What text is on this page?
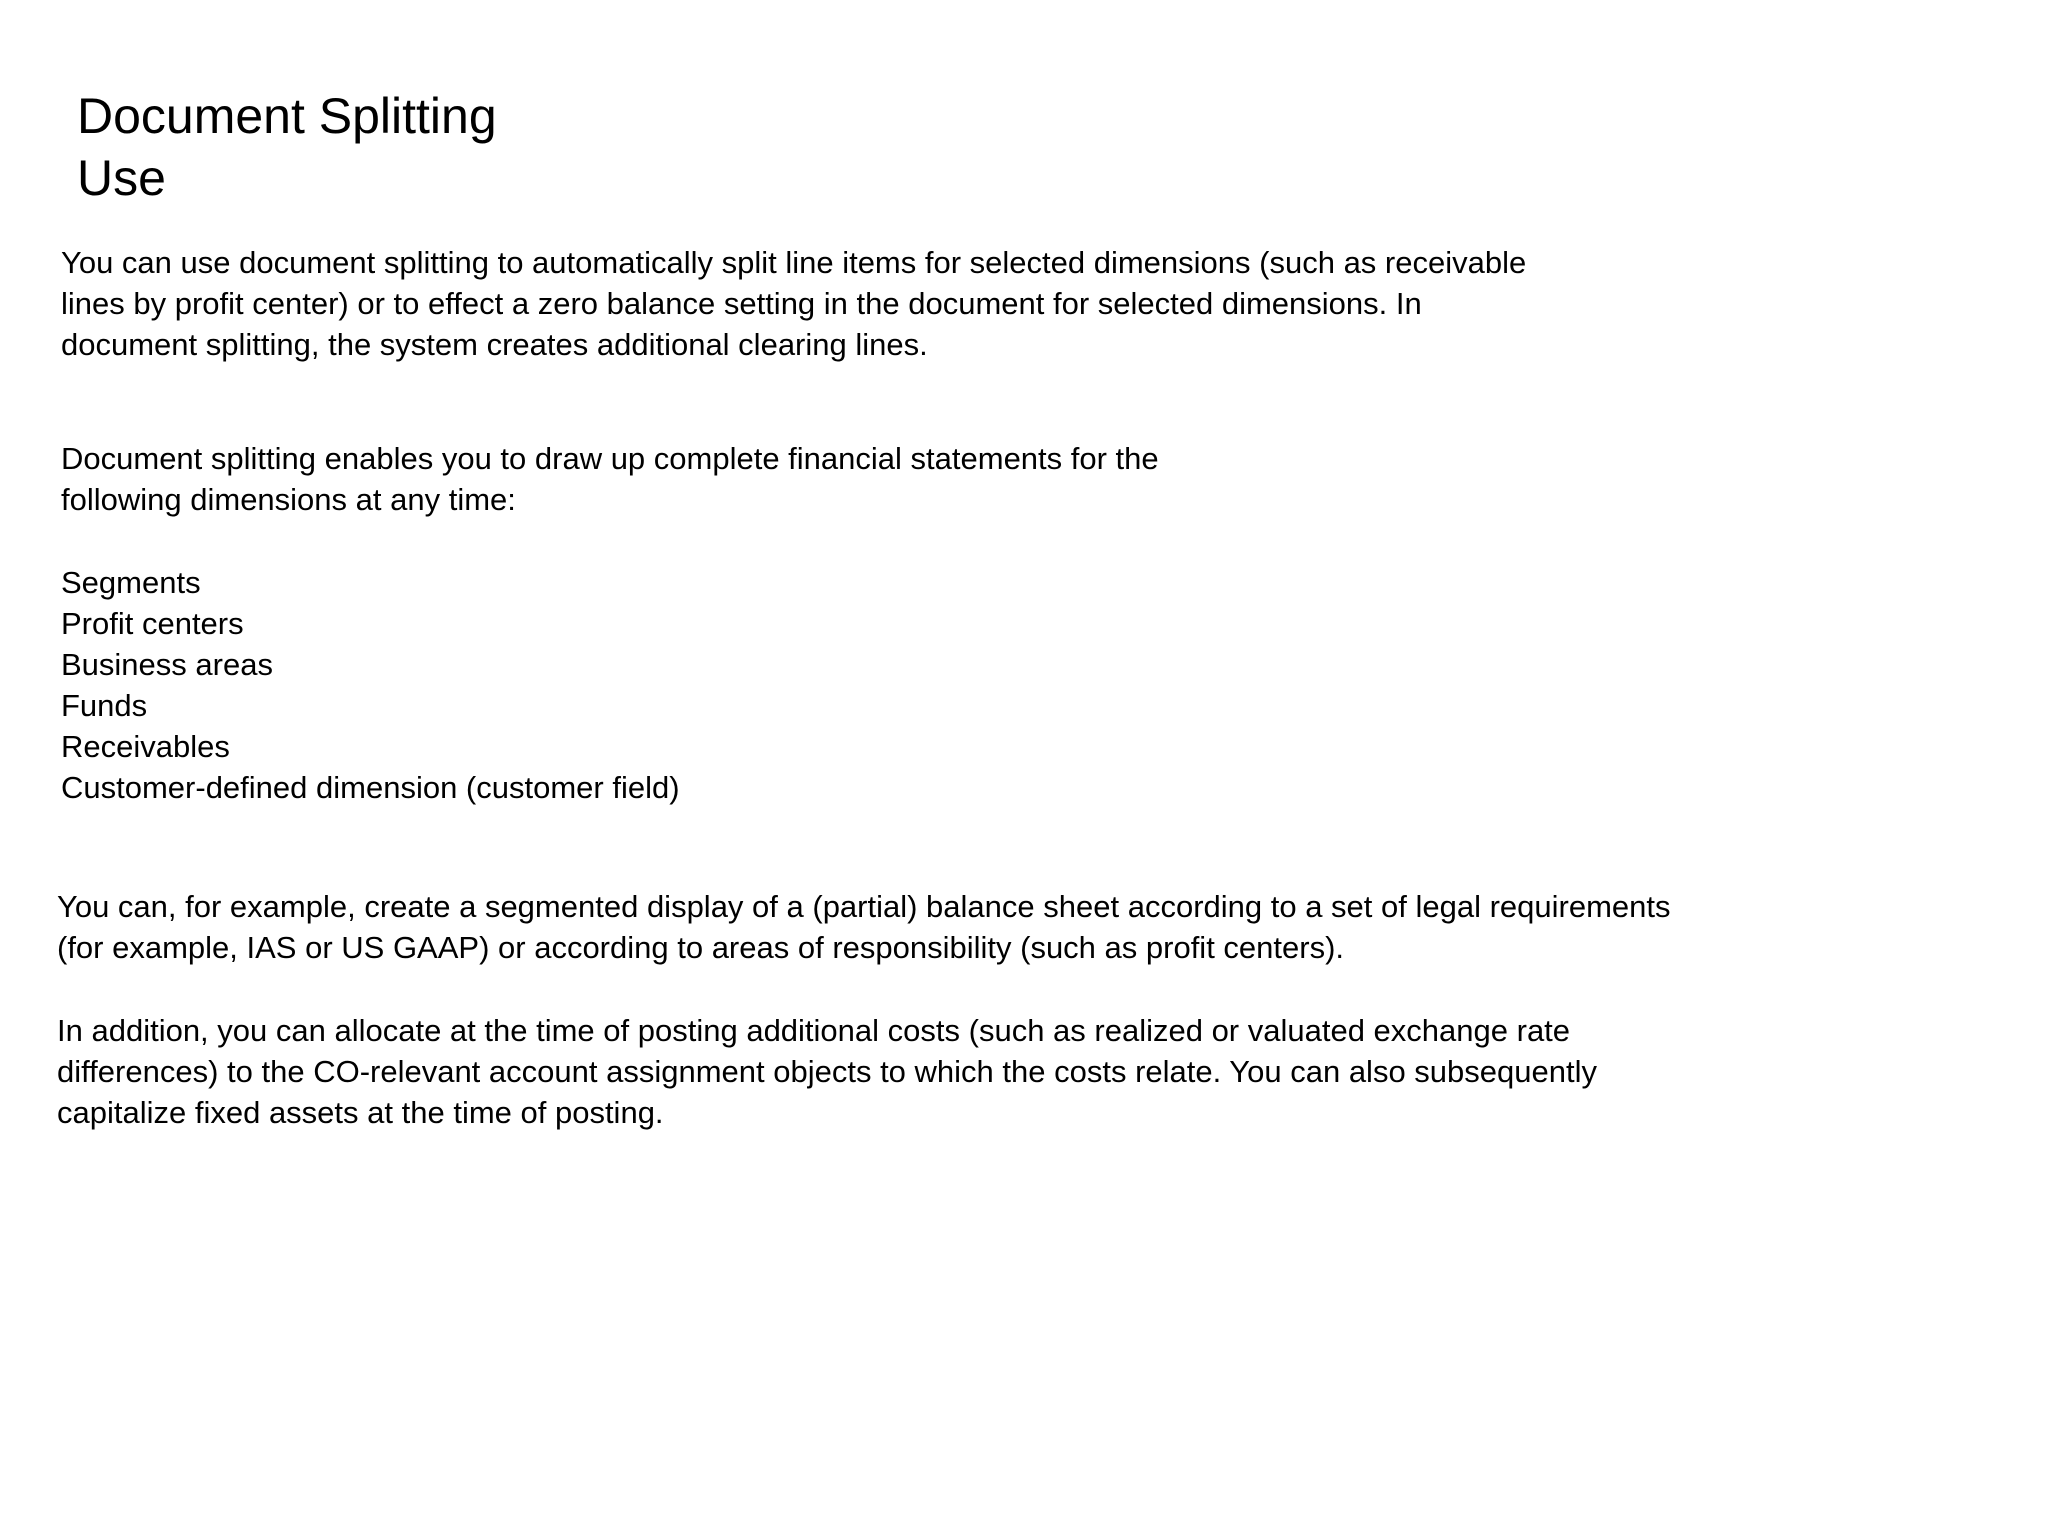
Document Splitting
Use

You can use document splitting to automatically split line items for selected dimensions (such as receivable
lines by profit center) or to effect a zero balance setting in the document for selected dimensions. In
document splitting, the system creates additional clearing lines.

Document splitting enables you to draw up complete financial statements for the
following dimensions at any time:

Segments
Profit centers
Business areas
Funds
Receivables
Customer-defined dimension (customer field)

You can, for example, create a segmented display of a (partial) balance sheet according to a set of legal requirements
(for example, IAS or US GAAP) or according to areas of responsibility (such as profit centers).

In addition, you can allocate at the time of posting additional costs (such as realized or valuated exchange rate
differences) to the CO-relevant account assignment objects to which the costs relate. You can also subsequently
capitalize fixed assets at the time of posting.
